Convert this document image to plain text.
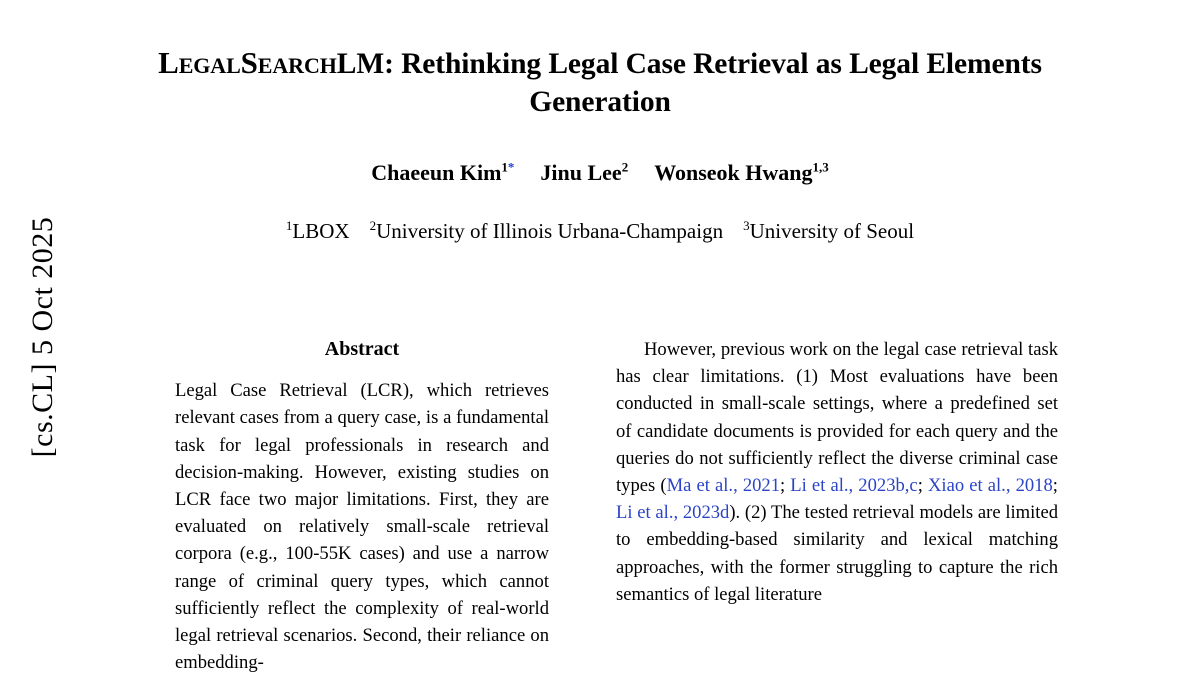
[cs.CL] 5 Oct 2025
LegalSearchLM: Rethinking Legal Case Retrieval as Legal Elements Generation
Chaeeun Kim$^{1*}$ Jinu Lee$^2$ Wonseok Hwang$^{1,3}$
$^1$LBOX $^2$University of Illinois Urbana-Champaign $^3$University of Seoul
Abstract
Legal Case Retrieval (LCR), which retrieves relevant cases from a query case, is a fundamental task for legal professionals in research and decision-making. However, existing studies on LCR face two major limitations. First, they are evaluated on relatively small-scale retrieval corpora (e.g., 100-55K cases) and use a narrow range of criminal query types, which cannot sufficiently reflect the complexity of real-world legal retrieval scenarios. Second, their reliance on embedding-

However, previous work on the legal case retrieval task has clear limitations. (1) Most evaluations have been conducted in small-scale settings, where a predefined set of candidate documents is provided for each query and the queries do not sufficiently reflect the diverse criminal case types (Ma et al., 2021; Li et al., 2023b,c; Xiao et al., 2018; Li et al., 2023d). (2) The tested retrieval models are limited to embedding-based similarity and lexical matching approaches, with the former struggling to capture the rich semantics of legal literature
